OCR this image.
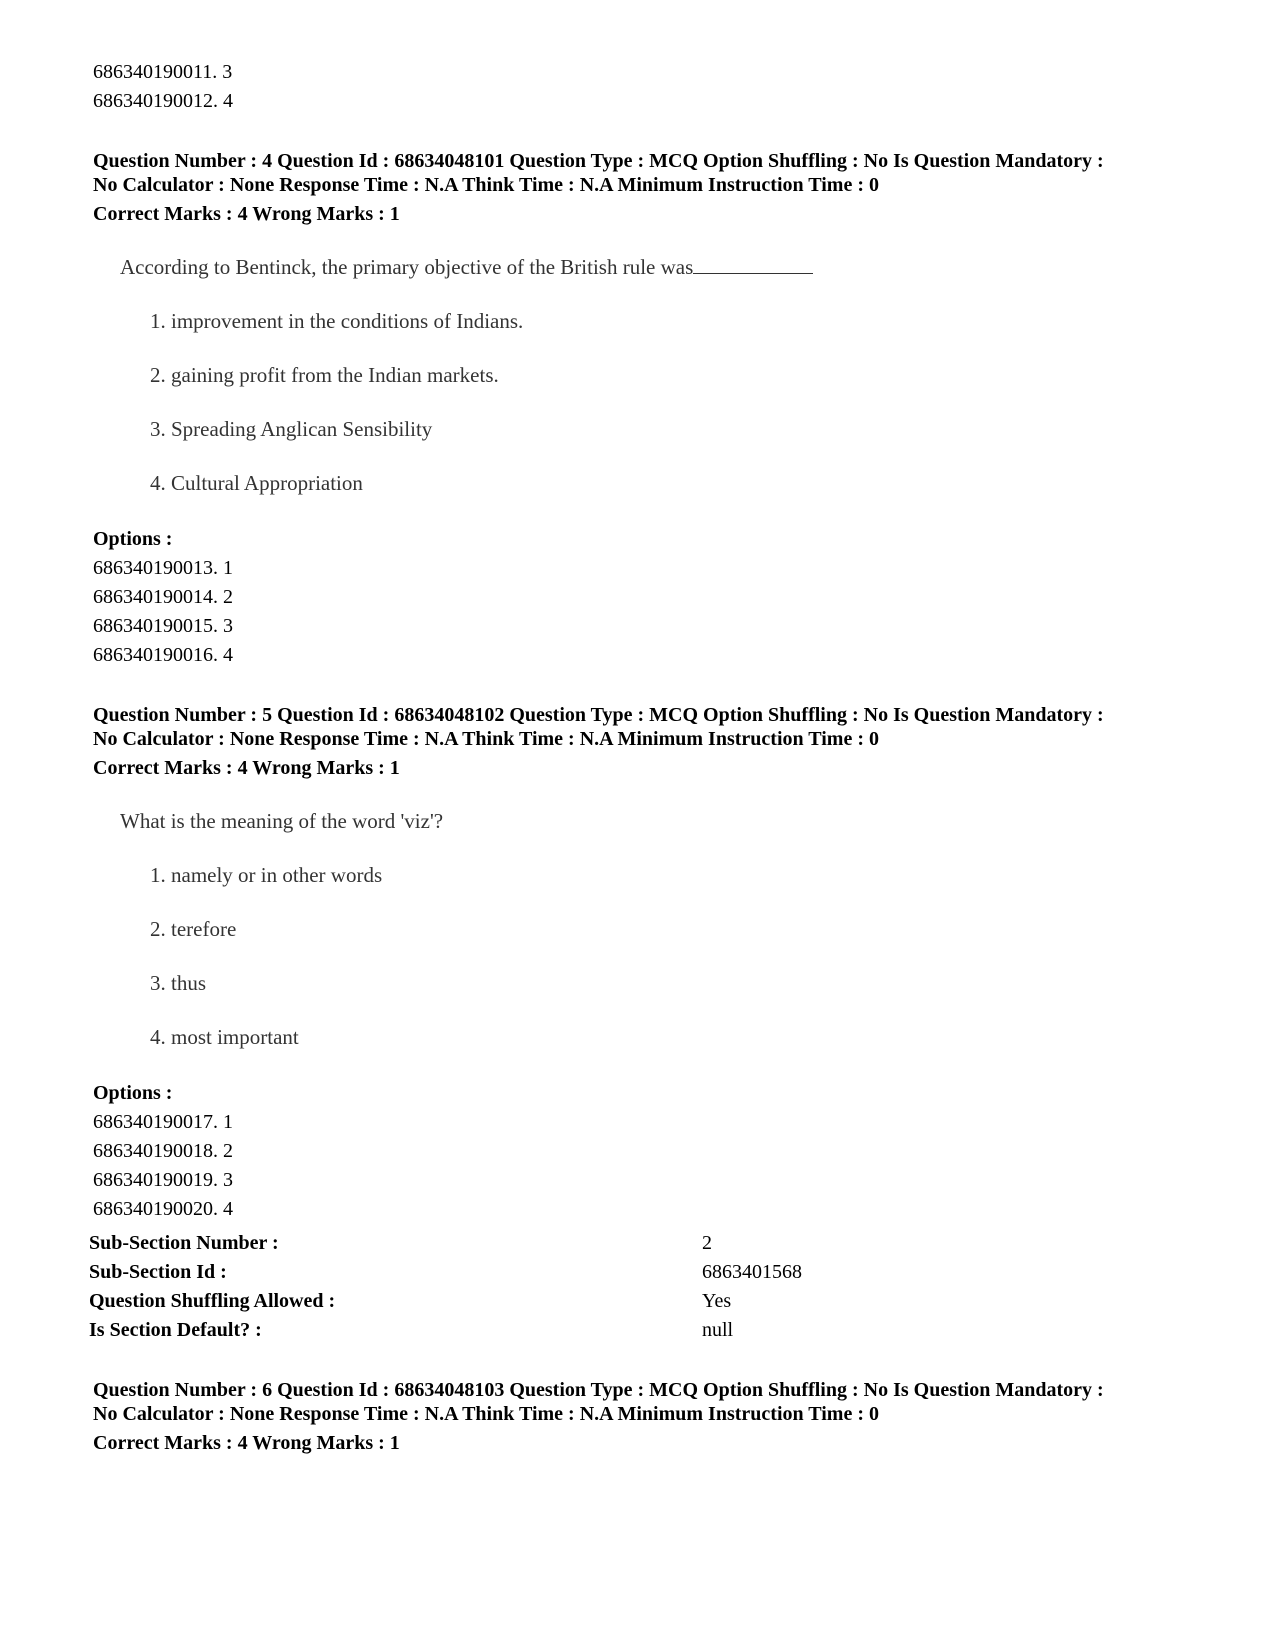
686340190011. 3
686340190012. 4
Question Number : 4 Question Id : 68634048101 Question Type : MCQ Option Shuffling : No Is Question Mandatory :
No Calculator : None Response Time : N.A Think Time : N.A Minimum Instruction Time : 0
Correct Marks : 4 Wrong Marks : 1
According to Bentinck, the primary objective of the British rule was
1. improvement in the conditions of Indians.
2. gaining profit from the Indian markets.
3. Spreading Anglican Sensibility
4. Cultural Appropriation
Options :
686340190013. 1
686340190014. 2
686340190015. 3
686340190016. 4
Question Number : 5 Question Id : 68634048102 Question Type : MCQ Option Shuffling : No Is Question Mandatory :
No Calculator : None Response Time : N.A Think Time : N.A Minimum Instruction Time : 0
Correct Marks : 4 Wrong Marks : 1
What is the meaning of the word 'viz'?
1. namely or in other words
2. terefore
3. thus
4. most important
Options :
686340190017. 1
686340190018. 2
686340190019. 3
686340190020. 4
Sub-Section Number :	2
Sub-Section Id :	6863401568
Question Shuffling Allowed :	Yes
Is Section Default? :	null
Question Number : 6 Question Id : 68634048103 Question Type : MCQ Option Shuffling : No Is Question Mandatory :
No Calculator : None Response Time : N.A Think Time : N.A Minimum Instruction Time : 0
Correct Marks : 4 Wrong Marks : 1
